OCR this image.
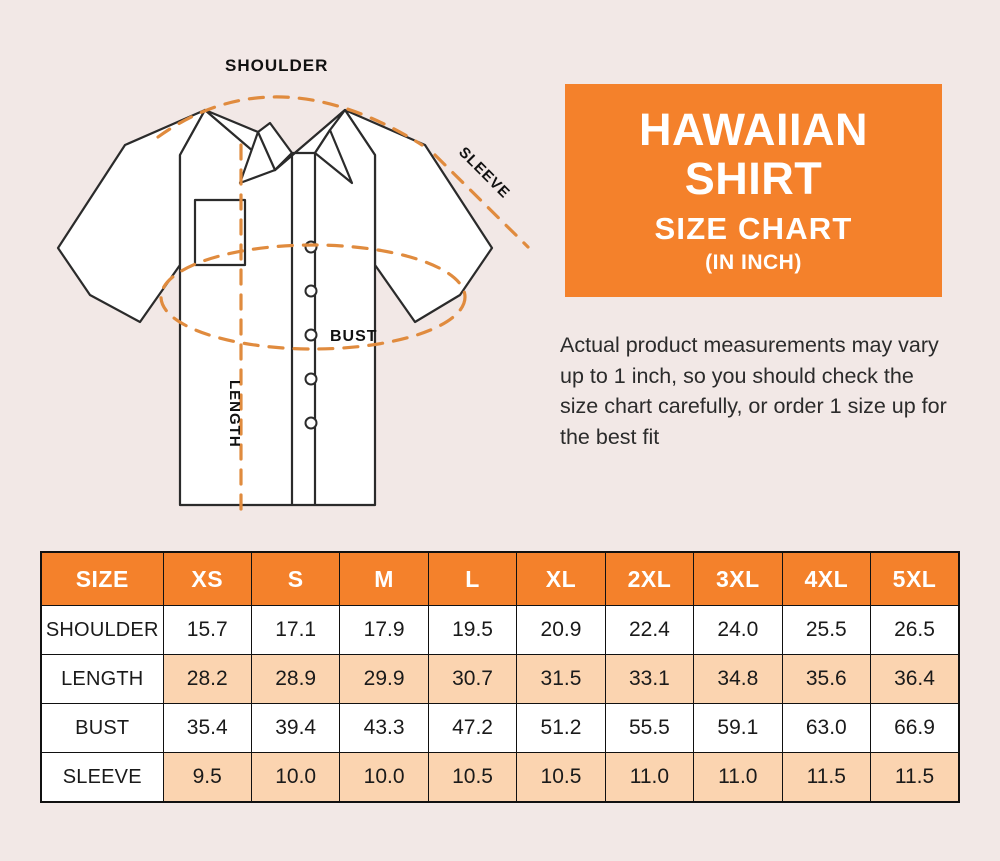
SHOULDER
SLEEVE
BUST
LENGTH
HAWAIIAN
SHIRT
SIZE CHART
(IN INCH)
Actual product measurements may vary up to 1 inch, so you should check the size chart carefully, or order 1 size up for the best fit
SIZE	XS	S	M	L	XL	2XL	3XL	4XL	5XL
SHOULDER	15.7	17.1	17.9	19.5	20.9	22.4	24.0	25.5	26.5
LENGTH	28.2	28.9	29.9	30.7	31.5	33.1	34.8	35.6	36.4
BUST	35.4	39.4	43.3	47.2	51.2	55.5	59.1	63.0	66.9
SLEEVE	9.5	10.0	10.0	10.5	10.5	11.0	11.0	11.5	11.5
